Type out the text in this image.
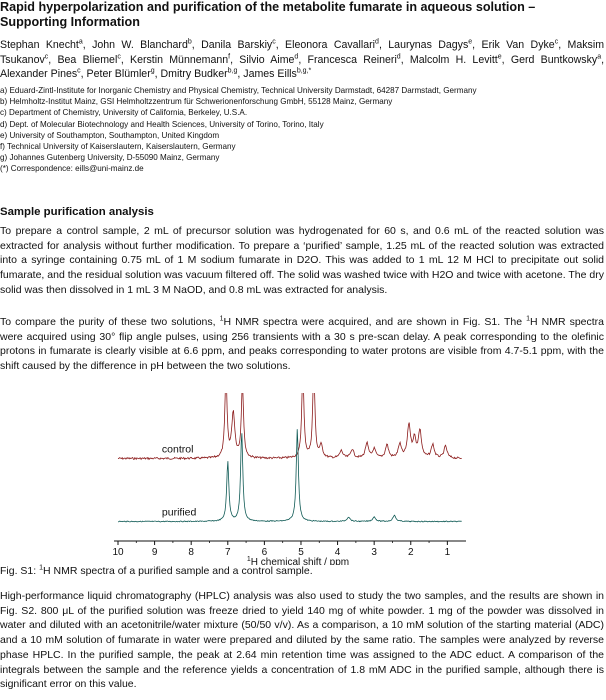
Rapid hyperpolarization and purification of the metabolite fumarate in aqueous solution – Supporting Information
Stephan Knecht$^a$, John W. Blanchard$^b$, Danila Barskiy$^c$, Eleonora Cavallari$^d$, Laurynas Dagys$^e$, Erik Van Dyke$^c$, Maksim Tsukanov$^c$, Bea Bliemel$^c$, Kerstin Münnemann$^f$, Silvio Aime$^d$, Francesca Reineri$^d$, Malcolm H. Levitt$^e$, Gerd Buntkowsky$^a$, Alexander Pines$^c$, Peter Blümler$^g$, Dmitry Budker$^{b,g}$, James Eills$^{b,g,*}$
a) Eduard-Zintl-Institute for Inorganic Chemistry and Physical Chemistry, Technical University Darmstadt, 64287 Darmstadt, Germany
b) Helmholtz-Institut Mainz, GSI Helmholtzzentrum für Schwerionenforschung GmbH, 55128 Mainz, Germany
c) Department of Chemistry, University of California, Berkeley, U.S.A.
d) Dept. of Molecular Biotechnology and Health Sciences, University of Torino, Torino, Italy
e) University of Southampton, Southampton, United Kingdom
f) Technical University of Kaiserslautern, Kaiserslautern, Germany
g) Johannes Gutenberg University, D-55090 Mainz, Germany
(*) Correspondence: eills@uni-mainz.de
Sample purification analysis

To prepare a control sample, 2 mL of precursor solution was hydrogenated for 60 s, and 0.6 mL of the reacted solution was extracted for analysis without further modification. To prepare a ‘purified’ sample, 1.25 mL of the reacted solution was extracted into a syringe containing 0.75 mL of 1 M sodium fumarate in D2O. This was added to 1 mL 12 M HCl to precipitate out solid fumarate, and the residual solution was vacuum filtered off. The solid was washed twice with H2O and twice with acetone. The dry solid was then dissolved in 1 mL 3 M NaOD, and 0.8 mL was extracted for analysis.

To compare the purity of these two solutions, $^1$H NMR spectra were acquired, and are shown in Fig. S1. The $^1$H NMR spectra were acquired using 30° flip angle pulses, using 256 transients with a 30 s pre-scan delay. A peak corresponding to the olefinic protons in fumarate is clearly visible at 6.6 ppm, and peaks corresponding to water protons are visible from 4.7-5.1 ppm, with the shift caused by the difference in pH between the two solutions.

control
purified
10	9	8	7	6	5	4	3	2	1
$^1$H chemical shift / ppm
Fig. S1: $^1$H NMR spectra of a purified sample and a control sample.

High-performance liquid chromatography (HPLC) analysis was also used to study the two samples, and the results are shown in Fig. S2. 800 μL of the purified solution was freeze dried to yield 140 mg of white powder. 1 mg of the powder was dissolved in water and diluted with an acetonitrile/water mixture (50/50 v/v). As a comparison, a 10 mM solution of the starting material (ADC) and a 10 mM solution of fumarate in water were prepared and diluted by the same ratio. The samples were analyzed by reverse phase HPLC. In the purified sample, the peak at 2.64 min retention time was assigned to the ADC educt. A comparison of the integrals between the sample and the reference yields a concentration of 1.8 mM ADC in the purified sample, although there is significant error on this value.
